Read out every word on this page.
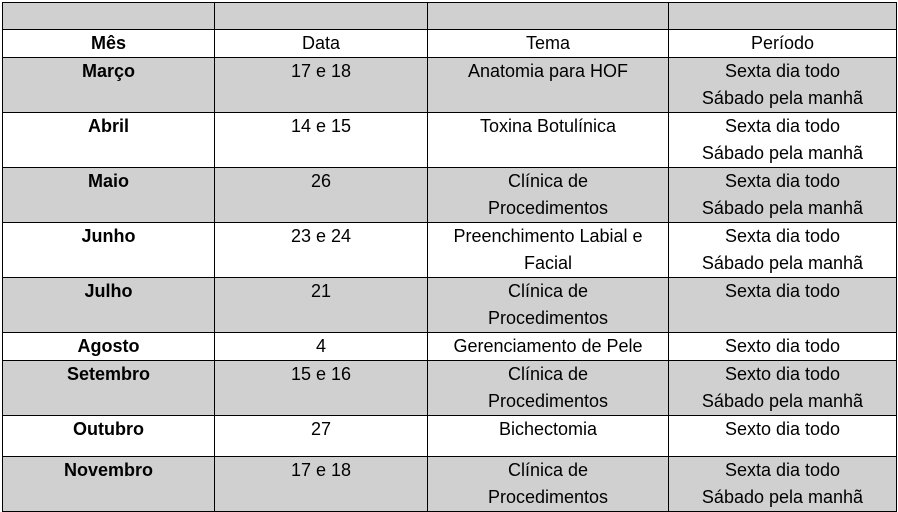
Mês	Data	Tema	Período
Março	17 e 18	Anatomia para HOF	Sexta dia todo
Sábado pela manhã

Abril	14 e 15	Toxina Botulínica	Sexta dia todo
Sábado pela manhã

Maio	26	Clínica de
Procedimentos	Sexta dia todo
Sábado pela manhã

Junho	23 e 24	Preenchimento Labial e
Facial	Sexta dia todo
Sábado pela manhã

Julho	21	Clínica de
Procedimentos	Sexta dia todo

Agosto	4	Gerenciamento de Pele	Sexto dia todo

Setembro	15 e 16	Clínica de
Procedimentos	Sexto dia todo
Sábado pela manhã

Outubro	27	Bichectomia	Sexto dia todo

Novembro	17 e 18	Clínica de
Procedimentos	Sexta dia todo
Sábado pela manhã
